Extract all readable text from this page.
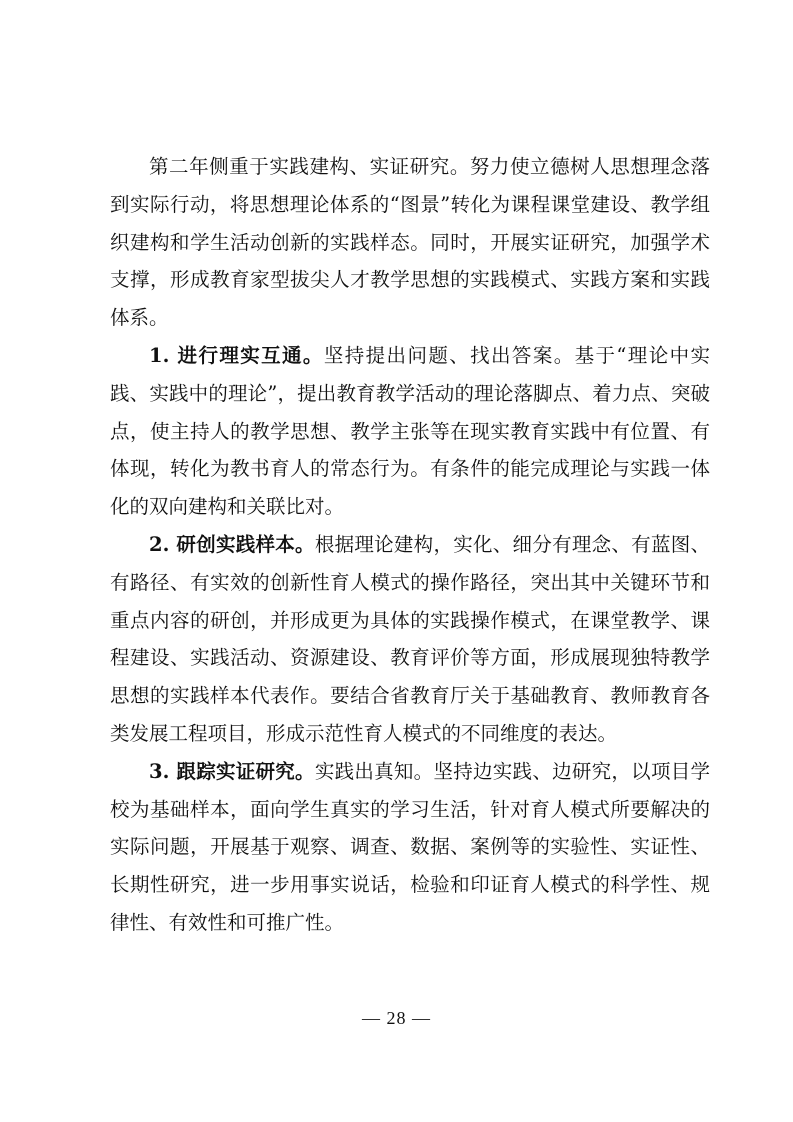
第二年侧重于实践建构、实证研究。努力使立德树人思想理念落到实际行动，将思想理论体系的“图景”转化为课程课堂建设、教学组织建构和学生活动创新的实践样态。同时，开展实证研究，加强学术支撑，形成教育家型拔尖人才教学思想的实践模式、实践方案和实践体系。

1. 进行理实互通。坚持提出问题、找出答案。基于“理论中实践、实践中的理论”，提出教育教学活动的理论落脚点、着力点、突破点，使主持人的教学思想、教学主张等在现实教育实践中有位置、有体现，转化为教书育人的常态行为。有条件的能完成理论与实践一体化的双向建构和关联比对。

2. 研创实践样本。根据理论建构，实化、细分有理念、有蓝图、有路径、有实效的创新性育人模式的操作路径，突出其中关键环节和重点内容的研创，并形成更为具体的实践操作模式，在课堂教学、课程建设、实践活动、资源建设、教育评价等方面，形成展现独特教学思想的实践样本代表作。要结合省教育厅关于基础教育、教师教育各类发展工程项目，形成示范性育人模式的不同维度的表达。

3. 跟踪实证研究。实践出真知。坚持边实践、边研究，以项目学校为基础样本，面向学生真实的学习生活，针对育人模式所要解决的实际问题，开展基于观察、调查、数据、案例等的实验性、实证性、长期性研究，进一步用事实说话，检验和印证育人模式的科学性、规律性、有效性和可推广性。

— 28 —
